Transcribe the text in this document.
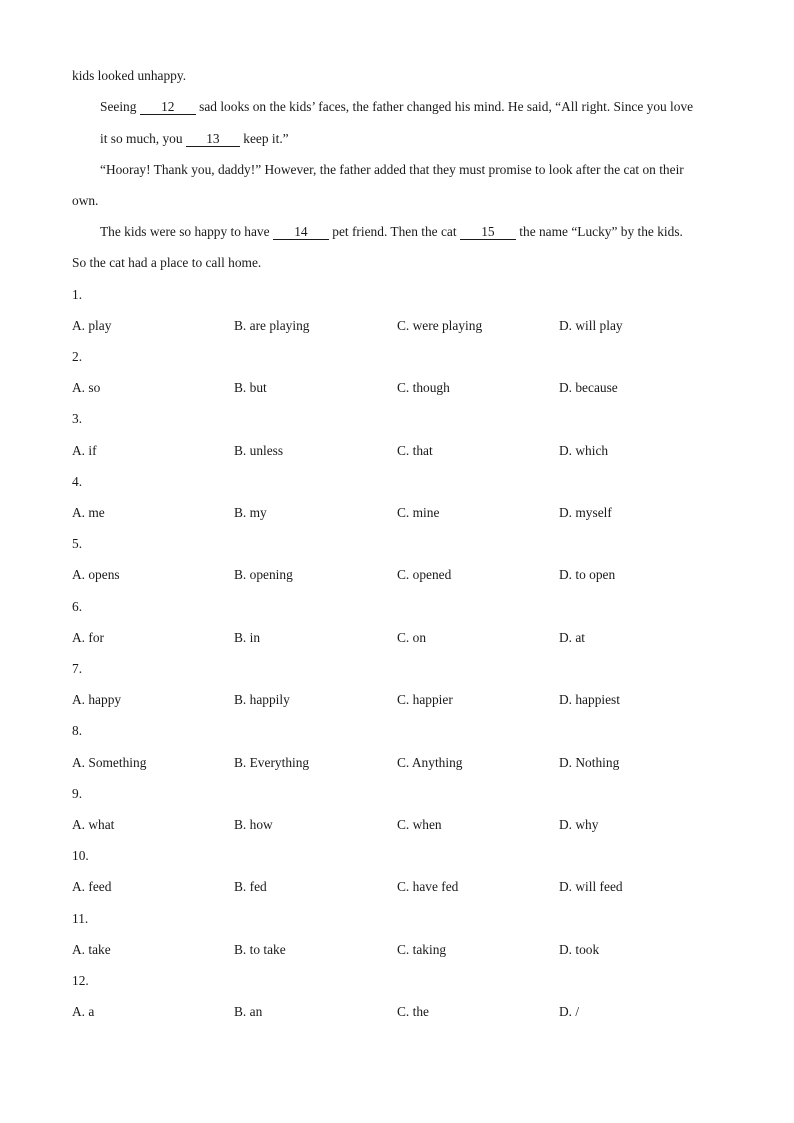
kids looked unhappy.
Seeing 12 sad looks on the kids’ faces, the father changed his mind. He said, “All right. Since you love
it so much, you 13 keep it.”
“Hooray! Thank you, daddy!” However, the father added that they must promise to look after the cat on their
own.
The kids were so happy to have 14 pet friend. Then the cat 15 the name “Lucky” by the kids.
So the cat had a place to call home.
1.
A. play	B. are playing	C. were playing	D. will play
2.
A. so	B. but	C. though	D. because
3.
A. if	B. unless	C. that	D. which
4.
A. me	B. my	C. mine	D. myself
5.
A. opens	B. opening	C. opened	D. to open
6.
A. for	B. in	C. on	D. at
7.
A. happy	B. happily	C. happier	D. happiest
8.
A. Something	B. Everything	C. Anything	D. Nothing
9.
A. what	B. how	C. when	D. why
10.
A. feed	B. fed	C. have fed	D. will feed
11.
A. take	B. to take	C. taking	D. took
12.
A. a	B. an	C. the	D. /
